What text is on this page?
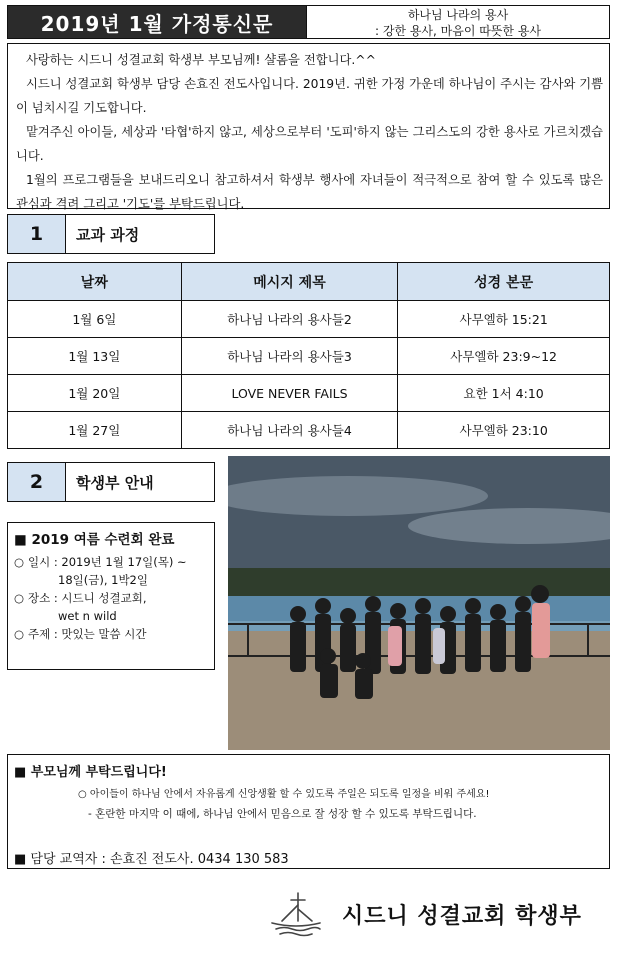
2019년 1월 가정통신문	하나님 나라의 용사
: 강한 용사, 마음이 따뜻한 용사

사랑하는 시드니 성결교회 학생부 부모님께! 샬롬을 전합니다.^^

시드니 성결교회 학생부 담당 손효진 전도사입니다. 2019년. 귀한 가정 가운데 하나님이 주시는 감사와 기쁨이 넘치시길 기도합니다.

맡겨주신 아이들, 세상과 '타협'하지 않고, 세상으로부터 '도피'하지 않는 그리스도의 강한 용사로 가르치겠습니다.

1월의 프로그램들을 보내드리오니 참고하셔서 학생부 행사에 자녀들이 적극적으로 참여 할 수 있도록 많은 관심과 격려 그리고 '기도'를 부탁드립니다.

1	교과 과정
날짜	메시지 제목	성경 본문
1월 6일	하나님 나라의 용사들2	사무엘하 15:21
1월 13일	하나님 나라의 용사들3	사무엘하 23:9~12
1월 20일	LOVE NEVER FAILS	요한 1서 4:10
1월 27일	하나님 나라의 용사들4	사무엘하 23:10
2	학생부 안내
■ 2019 여름 수련회 완료
○ 일시 : 2019년 1월 17일(목) ~
18일(금), 1박2일
○ 장소 : 시드니 성결교회,
wet n wild
○ 주제 : 맛있는 말씀 시간
■ 부모님께 부탁드립니다!
○ 아이들이 하나님 안에서 자유롭게 신앙생활 할 수 있도록 주일은 되도록 일정을 비워 주세요!
- 혼란한 마지막 이 때에, 하나님 안에서 믿음으로 잘 성장 할 수 있도록 부탁드립니다.
■ 담당 교역자 : 손효진 전도사. 0434 130 583
시드니 성결교회 학생부
